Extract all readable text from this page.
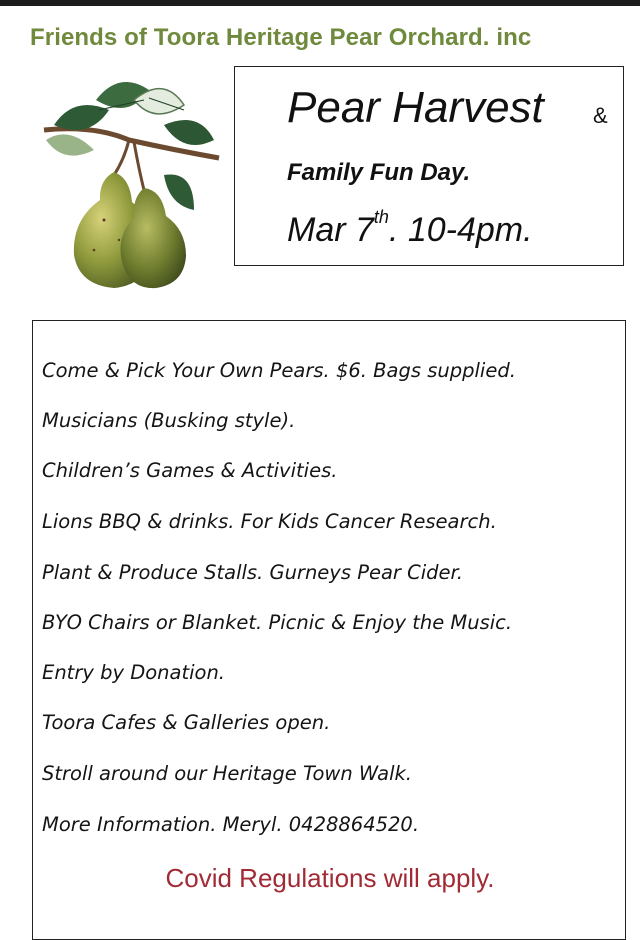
Friends of Toora Heritage Pear Orchard. inc
Pear Harvest &
Family Fun Day.
Mar 7th. 10-4pm.
Come & Pick Your Own Pears. $6. Bags supplied.
Musicians (Busking style).
Children’s Games & Activities.
Lions BBQ & drinks. For Kids Cancer Research.
Plant & Produce Stalls. Gurneys Pear Cider.
BYO Chairs or Blanket. Picnic & Enjoy the Music.
Entry by Donation.
Toora Cafes & Galleries open.
Stroll around our Heritage Town Walk.
More Information. Meryl. 0428864520.
Covid Regulations will apply.
